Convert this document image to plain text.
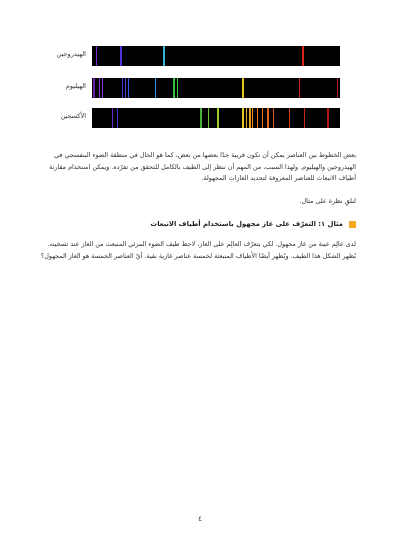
الهيدروجين
الهيليوم
الأكسجين

بعض الخطوط بين العناصر يمكن أن تكون قريبة جدًا بعضها من بعض، كما هو الحال في منطقة الضوء البنفسجي في الهيدروجين والهيليوم. ولهذا السبب، من المهم أن ننظر إلى الطيف بالكامل للتحقق من تفرّده. ويمكن استخدام مقارنة أطياف الانبعاث للعناصر المعروفة لتحديد الغازات المجهولة.

لنلقِ نظرة على مثال.

مثال ١: التعرّف على غاز مجهول باستخدام أطياف الانبعاث

لدى عالِم عينة من غاز مجهول. لكي يتعرّف العالِم على الغاز، لاحظ طيف الضوء المرئي المنبعث من الغاز عند تسخينه. يُظهر الشكل هذا الطيف. ويُظهر أيضًا الأطياف المنبعثة لخمسة عناصر غازية نقية. أيّ العناصر الخمسة هو الغاز المجهول؟

٤
